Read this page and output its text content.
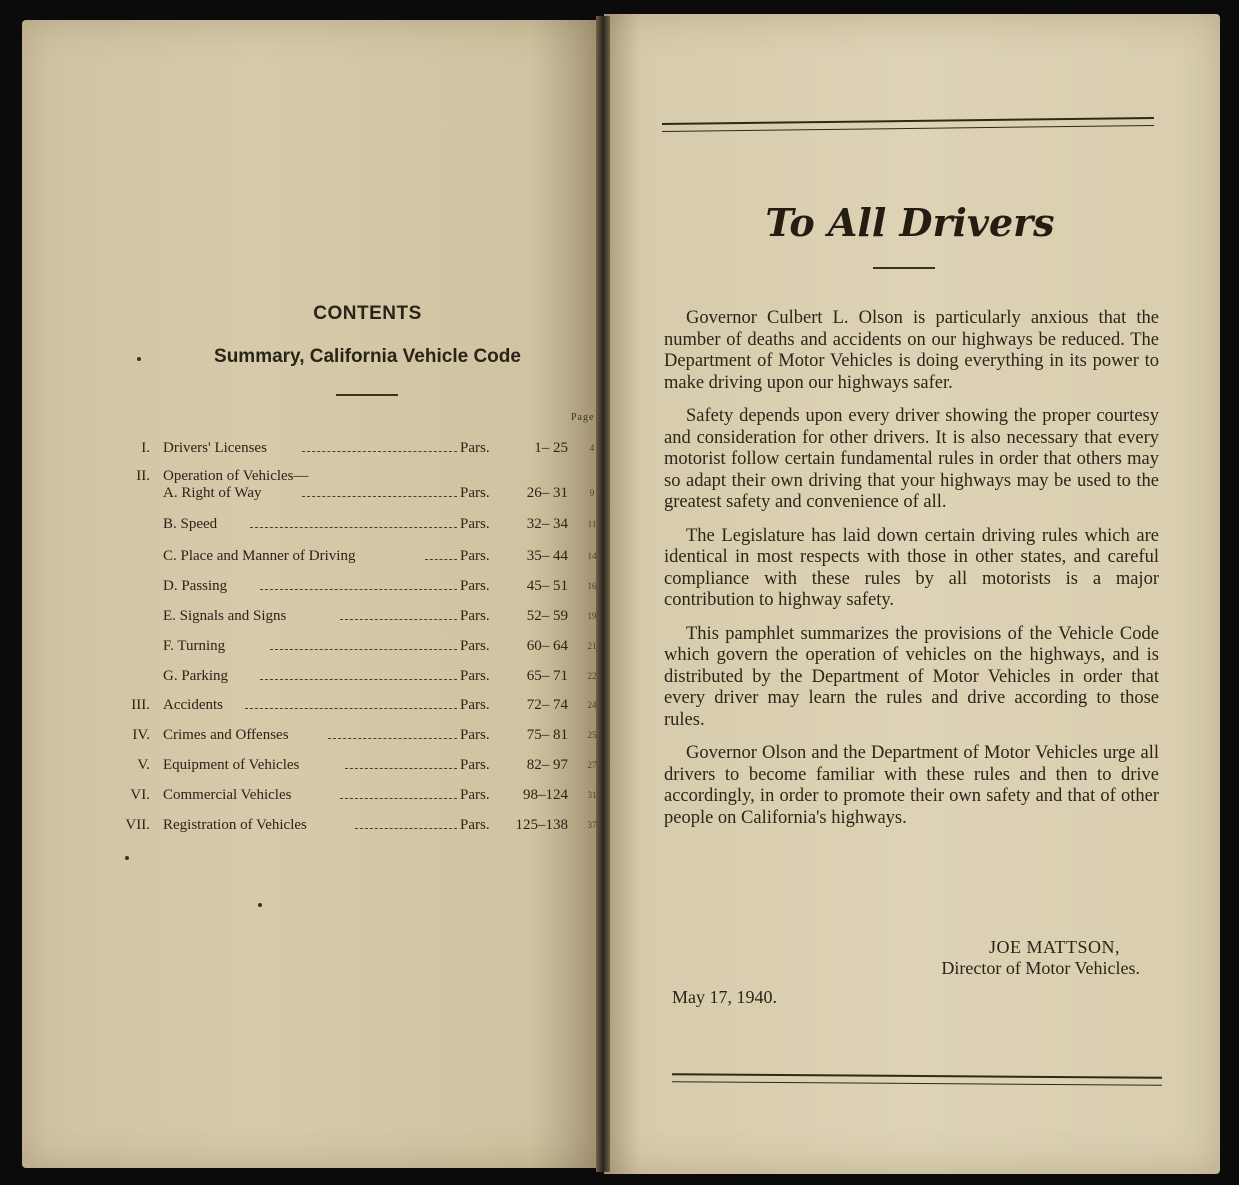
CONTENTS
Summary, California Vehicle Code
Page
I. Drivers' Licenses	Pars.	1– 25	4
II. Operation of Vehicles—
A. Right of Way	Pars.	26– 31	9
B. Speed	Pars.	32– 34	11
C. Place and Manner of Driving	Pars.	35– 44	14
D. Passing	Pars.	45– 51	16
E. Signals and Signs	Pars.	52– 59	19
F. Turning	Pars.	60– 64	21
G. Parking	Pars.	65– 71	22
III. Accidents	Pars.	72– 74	24
IV. Crimes and Offenses	Pars.	75– 81	25
V. Equipment of Vehicles	Pars.	82– 97	27
VI. Commercial Vehicles	Pars.	98–124	31
VII. Registration of Vehicles	Pars.	125–138	37
To All Drivers

Governor Culbert L. Olson is particularly anxious that the number of deaths and accidents on our highways be reduced. The Department of Motor Vehicles is doing everything in its power to make driving upon our highways safer.

Safety depends upon every driver showing the proper courtesy and consideration for other drivers. It is also necessary that every motorist follow certain fundamental rules in order that others may so adapt their own driving that your highways may be used to the greatest safety and convenience of all.

The Legislature has laid down certain driving rules which are identical in most respects with those in other states, and careful compliance with these rules by all motorists is a major contribution to highway safety.

This pamphlet summarizes the provisions of the Vehicle Code which govern the operation of vehicles on the highways, and is distributed by the Department of Motor Vehicles in order that every driver may learn the rules and drive according to those rules.

Governor Olson and the Department of Motor Vehicles urge all drivers to become familiar with these rules and then to drive accordingly, in order to promote their own safety and that of other people on California's highways.

JOE MATTSON,
Director of Motor Vehicles.
May 17, 1940.
